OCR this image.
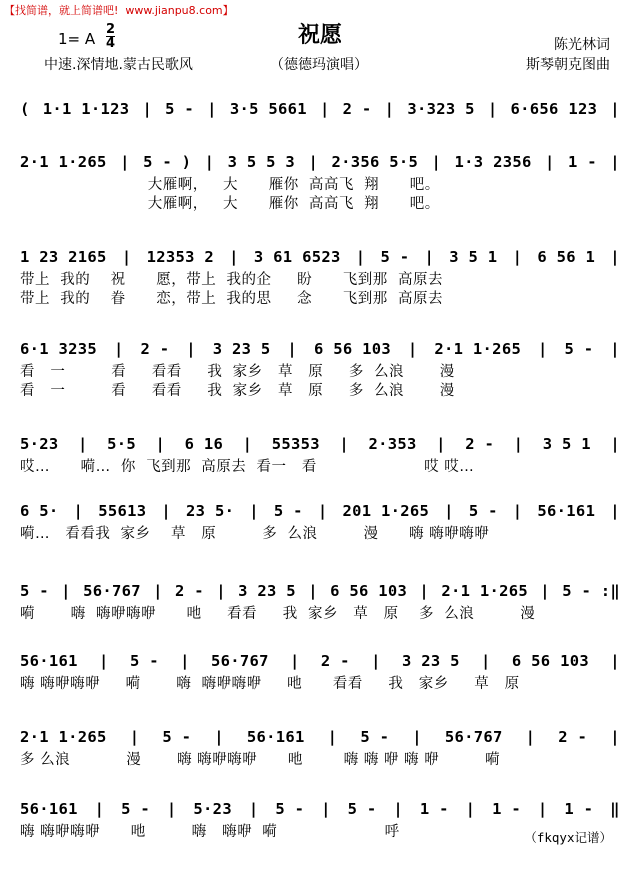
【找简谱，就上简谱吧!  www.jianpu8.com】
祝愿
1= A $\frac{2}{4}$	陈光林词
中速.深情地.蒙古民歌风	（德德玛演唱）	斯琴朝克图曲
( 1·1 1·123 | 5 - | 3·5 5661 | 2 - | 3·323 5 | 6·656 123 |
2·1 1·265 | 5 - ) | 3 5 5 3 | 2·356 5·5 | 1·3 2356 | 1 - |
大雁啊，   大      雁你  高高飞  翔      吧。
大雁啊，   大      雁你  高高飞  翔      吧。
1 23 2165 | 12353 2 | 3 61 6523 | 5 - | 3 5 1 | 6 56 1 |
带上  我的    祝      愿，带上  我的企     盼      飞到那  高原去
带上  我的    眷      恋，带上  我的思     念      飞到那  高原去
6·1 3235 | 2 - | 3 23 5 | 6 56 103 | 2·1 1·265 | 5 - |
看   一         看     看看     我  家乡   草   原     多  么浪       漫
看   一         看     看看     我  家乡   草   原     多  么浪       漫
5·23 | 5·5 | 6 16 | 55353 | 2·353 | 2 - | 3 5 1 |
哎…      嗬…  你  飞到那  高原去  看一   看                     哎 哎…
6 5· | 55613 | 23 5· | 5 - | 201 1·265 | 5 - | 56·161 |
嗬…   看看我  家乡    草   原         多  么浪         漫      嗨 嗨咿嗨咿
5 - | 56·767 | 2 - | 3 23 5 | 6 56 103 | 2·1 1·265 | 5 - :‖
嗬       嗨  嗨咿嗨咿      吔     看看     我  家乡   草   原    多  么浪         漫
56·161 | 5 - | 56·767 | 2 - | 3 23 5 | 6 56 103 |
嗨 嗨咿嗨咿     嗬       嗨  嗨咿嗨咿     吔      看看     我   家乡     草   原
2·1 1·265 | 5 - | 56·161 | 5 - | 56·767 | 2 - |
多 么浪           漫       嗨 嗨咿嗨咿      吔        嗨 嗨 咿 嗨 咿         嗬
56·161 | 5 - | 5·23 | 5 - | 5 - | 1 - | 1 - | 1 - ‖
嗨 嗨咿嗨咿      吔         嗨   嗨咿  嗬                     呼	（fkqyx记谱）
